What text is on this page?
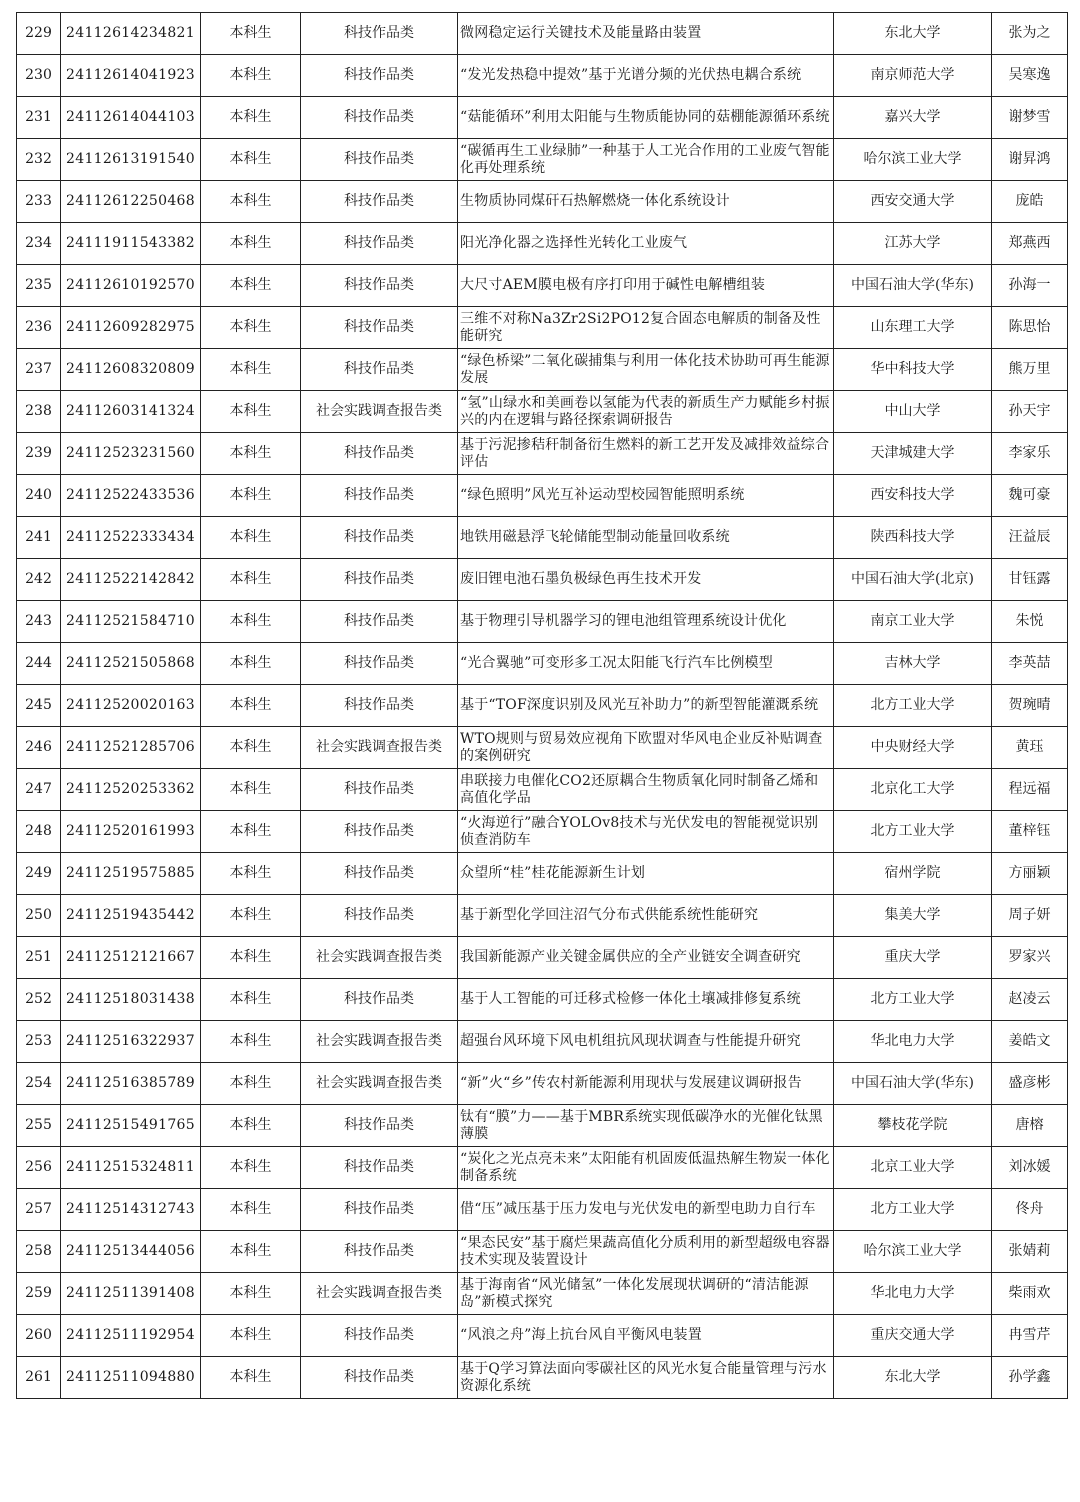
229	24112614234821	本科生	科技作品类	微网稳定运行关键技术及能量路由装置	东北大学	张为之
230	24112614041923	本科生	科技作品类	“发光发热稳中提效”基于光谱分频的光伏热电耦合系统	南京师范大学	吴寒逸
231	24112614044103	本科生	科技作品类	“菇能循环”利用太阳能与生物质能协同的菇棚能源循环系统	嘉兴大学	谢梦雪
232	24112613191540	本科生	科技作品类	“碳循再生工业绿肺”一种基于人工光合作用的工业废气智能化再处理系统	哈尔滨工业大学	谢昇鸿
233	24112612250468	本科生	科技作品类	生物质协同煤矸石热解燃烧一体化系统设计	西安交通大学	庞皓
234	24111911543382	本科生	科技作品类	阳光净化器之选择性光转化工业废气	江苏大学	郑燕西
235	24112610192570	本科生	科技作品类	大尺寸AEM膜电极有序打印用于碱性电解槽组装	中国石油大学(华东)	孙海一
236	24112609282975	本科生	科技作品类	三维不对称Na3Zr2Si2PO12复合固态电解质的制备及性能研究	山东理工大学	陈思怡
237	24112608320809	本科生	科技作品类	“绿色桥梁”二氧化碳捕集与利用一体化技术协助可再生能源发展	华中科技大学	熊万里
238	24112603141324	本科生	社会实践调查报告类	“氢”山绿水和美画卷以氢能为代表的新质生产力赋能乡村振兴的内在逻辑与路径探索调研报告	中山大学	孙天宇
239	24112523231560	本科生	科技作品类	基于污泥掺秸秆制备衍生燃料的新工艺开发及减排效益综合评估	天津城建大学	李家乐
240	24112522433536	本科生	科技作品类	“绿色照明”风光互补运动型校园智能照明系统	西安科技大学	魏可豪
241	24112522333434	本科生	科技作品类	地铁用磁悬浮飞轮储能型制动能量回收系统	陕西科技大学	汪益辰
242	24112522142842	本科生	科技作品类	废旧锂电池石墨负极绿色再生技术开发	中国石油大学(北京)	甘钰露
243	24112521584710	本科生	科技作品类	基于物理引导机器学习的锂电池组管理系统设计优化	南京工业大学	朱悦
244	24112521505868	本科生	科技作品类	“光合翼驰”可变形多工况太阳能飞行汽车比例模型	吉林大学	李英喆
245	24112520020163	本科生	科技作品类	基于“TOF深度识别及风光互补助力”的新型智能灌溉系统	北方工业大学	贺琬晴
246	24112521285706	本科生	社会实践调查报告类	WTO规则与贸易效应视角下欧盟对华风电企业反补贴调查的案例研究	中央财经大学	黄珏
247	24112520253362	本科生	科技作品类	串联接力电催化CO2还原耦合生物质氧化同时制备乙烯和高值化学品	北京化工大学	程远福
248	24112520161993	本科生	科技作品类	“火海逆行”融合YOLOv8技术与光伏发电的智能视觉识别侦查消防车	北方工业大学	董梓钰
249	24112519575885	本科生	科技作品类	众望所“桂”桂花能源新生计划	宿州学院	方丽颖
250	24112519435442	本科生	科技作品类	基于新型化学回注沼气分布式供能系统性能研究	集美大学	周子妍
251	24112512121667	本科生	社会实践调查报告类	我国新能源产业关键金属供应的全产业链安全调查研究	重庆大学	罗家兴
252	24112518031438	本科生	科技作品类	基于人工智能的可迁移式检修一体化土壤减排修复系统	北方工业大学	赵凌云
253	24112516322937	本科生	社会实践调查报告类	超强台风环境下风电机组抗风现状调查与性能提升研究	华北电力大学	姜皓文
254	24112516385789	本科生	社会实践调查报告类	“新”火“乡”传农村新能源利用现状与发展建议调研报告	中国石油大学(华东)	盛彦彬
255	24112515491765	本科生	科技作品类	钛有“膜”力——基于MBR系统实现低碳净水的光催化钛黑薄膜	攀枝花学院	唐榕
256	24112515324811	本科生	科技作品类	“炭化之光点亮未来”太阳能有机固废低温热解生物炭一体化制备系统	北京工业大学	刘冰媛
257	24112514312743	本科生	科技作品类	借“压”减压基于压力发电与光伏发电的新型电助力自行车	北方工业大学	佟舟
258	24112513444056	本科生	科技作品类	“果态民安”基于腐烂果蔬高值化分质利用的新型超级电容器技术实现及装置设计	哈尔滨工业大学	张婧莉
259	24112511391408	本科生	社会实践调查报告类	基于海南省“风光储氢”一体化发展现状调研的“清洁能源岛”新模式探究	华北电力大学	柴雨欢
260	24112511192954	本科生	科技作品类	“风浪之舟”海上抗台风自平衡风电装置	重庆交通大学	冉雪芹
261	24112511094880	本科生	科技作品类	基于Q学习算法面向零碳社区的风光水复合能量管理与污水资源化系统	东北大学	孙学鑫
